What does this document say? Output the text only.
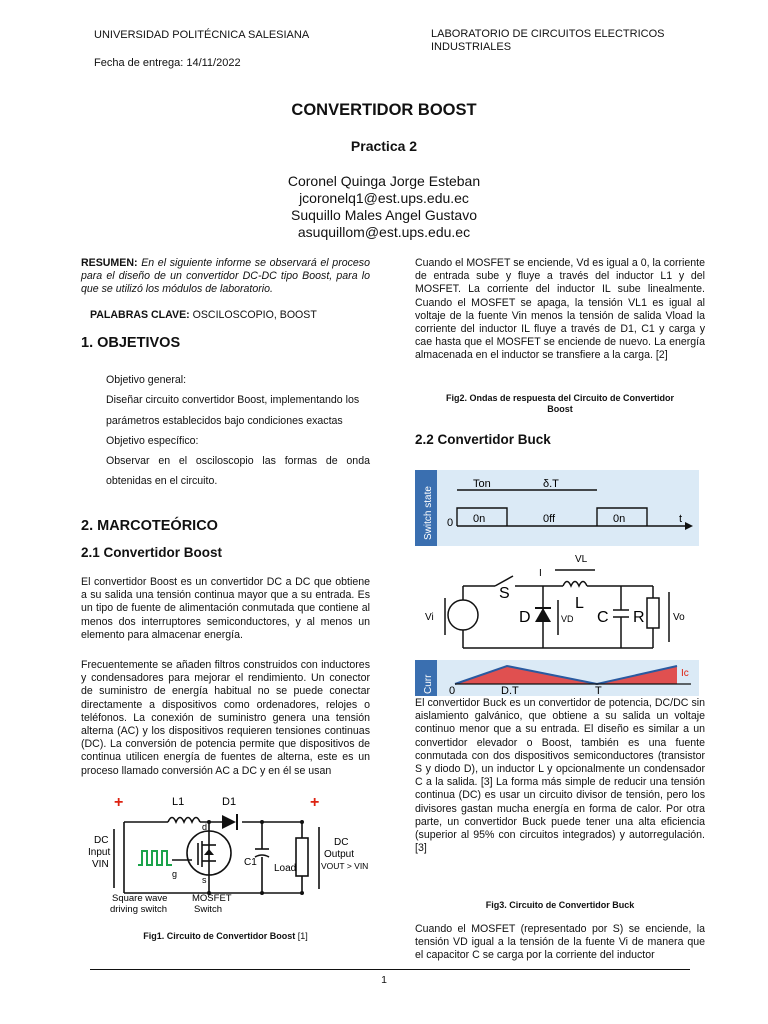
UNIVERSIDAD POLITÉCNICA SALESIANA	LABORATORIO DE CIRCUITOS ELECTRICOS
INDUSTRIALES
Fecha de entrega: 14/11/2022
CONVERTIDOR BOOST
Practica 2
Coronel Quinga Jorge Esteban
jcoronelq1@est.ups.edu.ec
Suquillo Males Angel Gustavo
asuquillom@est.ups.edu.ec
RESUMEN: En el siguiente informe se observará el proceso para el diseño de un convertidor DC-DC tipo Boost, para lo que se utilizó los módulos de laboratorio.
PALABRAS CLAVE: OSCILOSCOPIO, BOOST
1. OBJETIVOS
Objetivo general:
Diseñar circuito convertidor Boost, implementando los
parámetros establecidos bajo condiciones exactas
Objetivo específico:
Observar en el osciloscopio las formas de onda
obtenidas en el circuito.
2. MARCOTEÓRICO
2.1 Convertidor Boost
El convertidor Boost es un convertidor DC a DC que obtiene a su salida una tensión continua mayor que a su entrada. Es un tipo de fuente de alimentación conmutada que contiene al menos dos interruptores semiconductores, y al menos un elemento para almacenar energía.
Frecuentemente se añaden filtros construidos con inductores y condensadores para mejorar el rendimiento. Un conector de suministro de energía habitual no se puede conectar directamente a dispositivos como ordenadores, relojes o teléfonos. La conexión de suministro genera una tensión alterna (AC) y los dispositivos requieren tensiones continuas (DC). La conversión de potencia permite que dispositivos de continua utilicen energía de fuentes de alterna, este es un proceso llamado conversión AC a DC y en él se usan
+	+
L1	D1
DC
Input
VIN
DC
Output
VOUT > VIN
C1
Load
d
g
s
Square wave
driving switch
MOSFET
Switch
Fig1. Circuito de Convertidor Boost [1]
Cuando el MOSFET se enciende, Vd es igual a 0, la corriente de entrada sube y fluye a través del inductor L1 y del MOSFET. La corriente del inductor IL sube linealmente. Cuando el MOSFET se apaga, la tensión VL1 es igual al voltaje de la fuente Vin menos la tensión de salida Vload la corriente del inductor IL fluye a través de D1, C1 y carga y cae hasta que el MOSFET se enciende de nuevo. La energía almacenada en el inductor se transfiere a la carga. [2]
Fig2. Ondas de respuesta del Circuito de Convertidor
Boost
2.2 Convertidor Buck
Switch state
Ton	δ.T
0 0n	0ff	0n	t
VL
I
S
L
D	VD C R
Vi	Vo
Curr 0	D.T	T
Ic
El convertidor Buck es un convertidor de potencia, DC/DC sin aislamiento galvánico, que obtiene a su salida un voltaje continuo menor que a su entrada. El diseño es similar a un convertidor elevador o Boost, también es una fuente conmutada con dos dispositivos semiconductores (transistor S y diodo D), un inductor L y opcionalmente un condensador C a la salida. [3] La forma más simple de reducir una tensión continua (DC) es usar un circuito divisor de tensión, pero los divisores gastan mucha energía en forma de calor. Por otra parte, un convertidor Buck puede tener una alta eficiencia (superior al 95% con circuitos integrados) y autorregulación. [3]
Fig3. Circuito de Convertidor Buck
Cuando el MOSFET (representado por S) se enciende, la tensión VD igual a la tensión de la fuente Vi de manera que el capacitor C se carga por la corriente del inductor
1
